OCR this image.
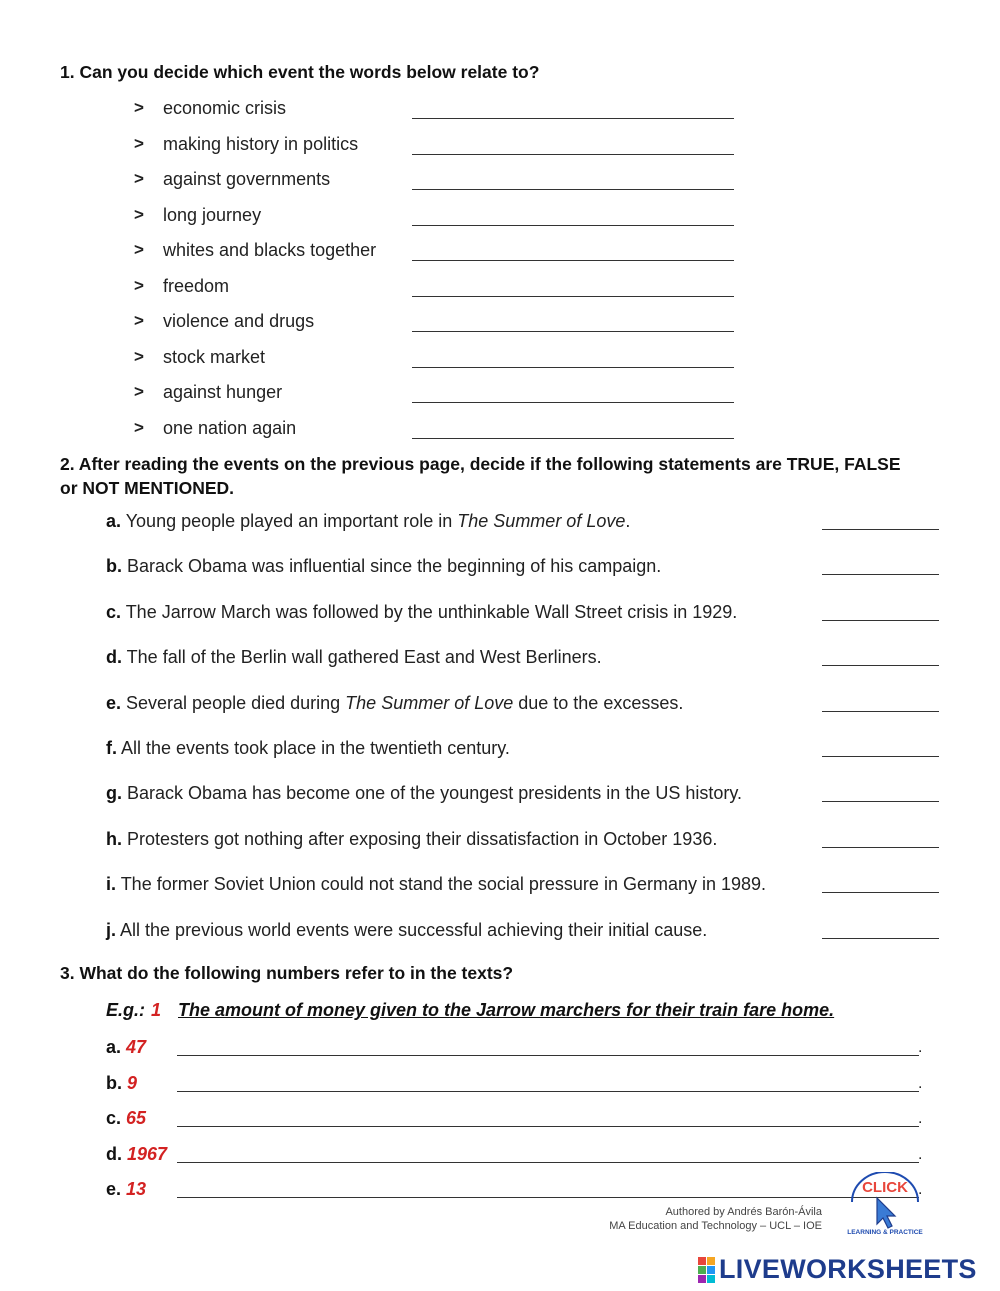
1. Can you decide which event the words below relate to?
> economic crisis
> making history in politics
> against governments
> long journey
> whites and blacks together
> freedom
> violence and drugs
> stock market
> against hunger
> one nation again
2. After reading the events on the previous page, decide if the following statements are TRUE, FALSE
or NOT MENTIONED.
a. Young people played an important role in The Summer of Love.
b. Barack Obama was influential since the beginning of his campaign.
c. The Jarrow March was followed by the unthinkable Wall Street crisis in 1929.
d. The fall of the Berlin wall gathered East and West Berliners.
e. Several people died during The Summer of Love due to the excesses.
f. All the events took place in the twentieth century.
g. Barack Obama has become one of the youngest presidents in the US history.
h. Protesters got nothing after exposing their dissatisfaction in October 1936.
i. The former Soviet Union could not stand the social pressure in Germany in 1989.
j. All the previous world events were successful achieving their initial cause.
3. What do the following numbers refer to in the texts?
E.g.: 1 The amount of money given to the Jarrow marchers for their train fare home.
a. 47	.
b. 9	.
c. 65	.
d. 1967	.
e. 13	.
Authored by Andrés Barón-Ávila
MA Education and Technology – UCL – IOE
CLICK
LEARNING & PRACTICE
LIVEWORKSHEETS
